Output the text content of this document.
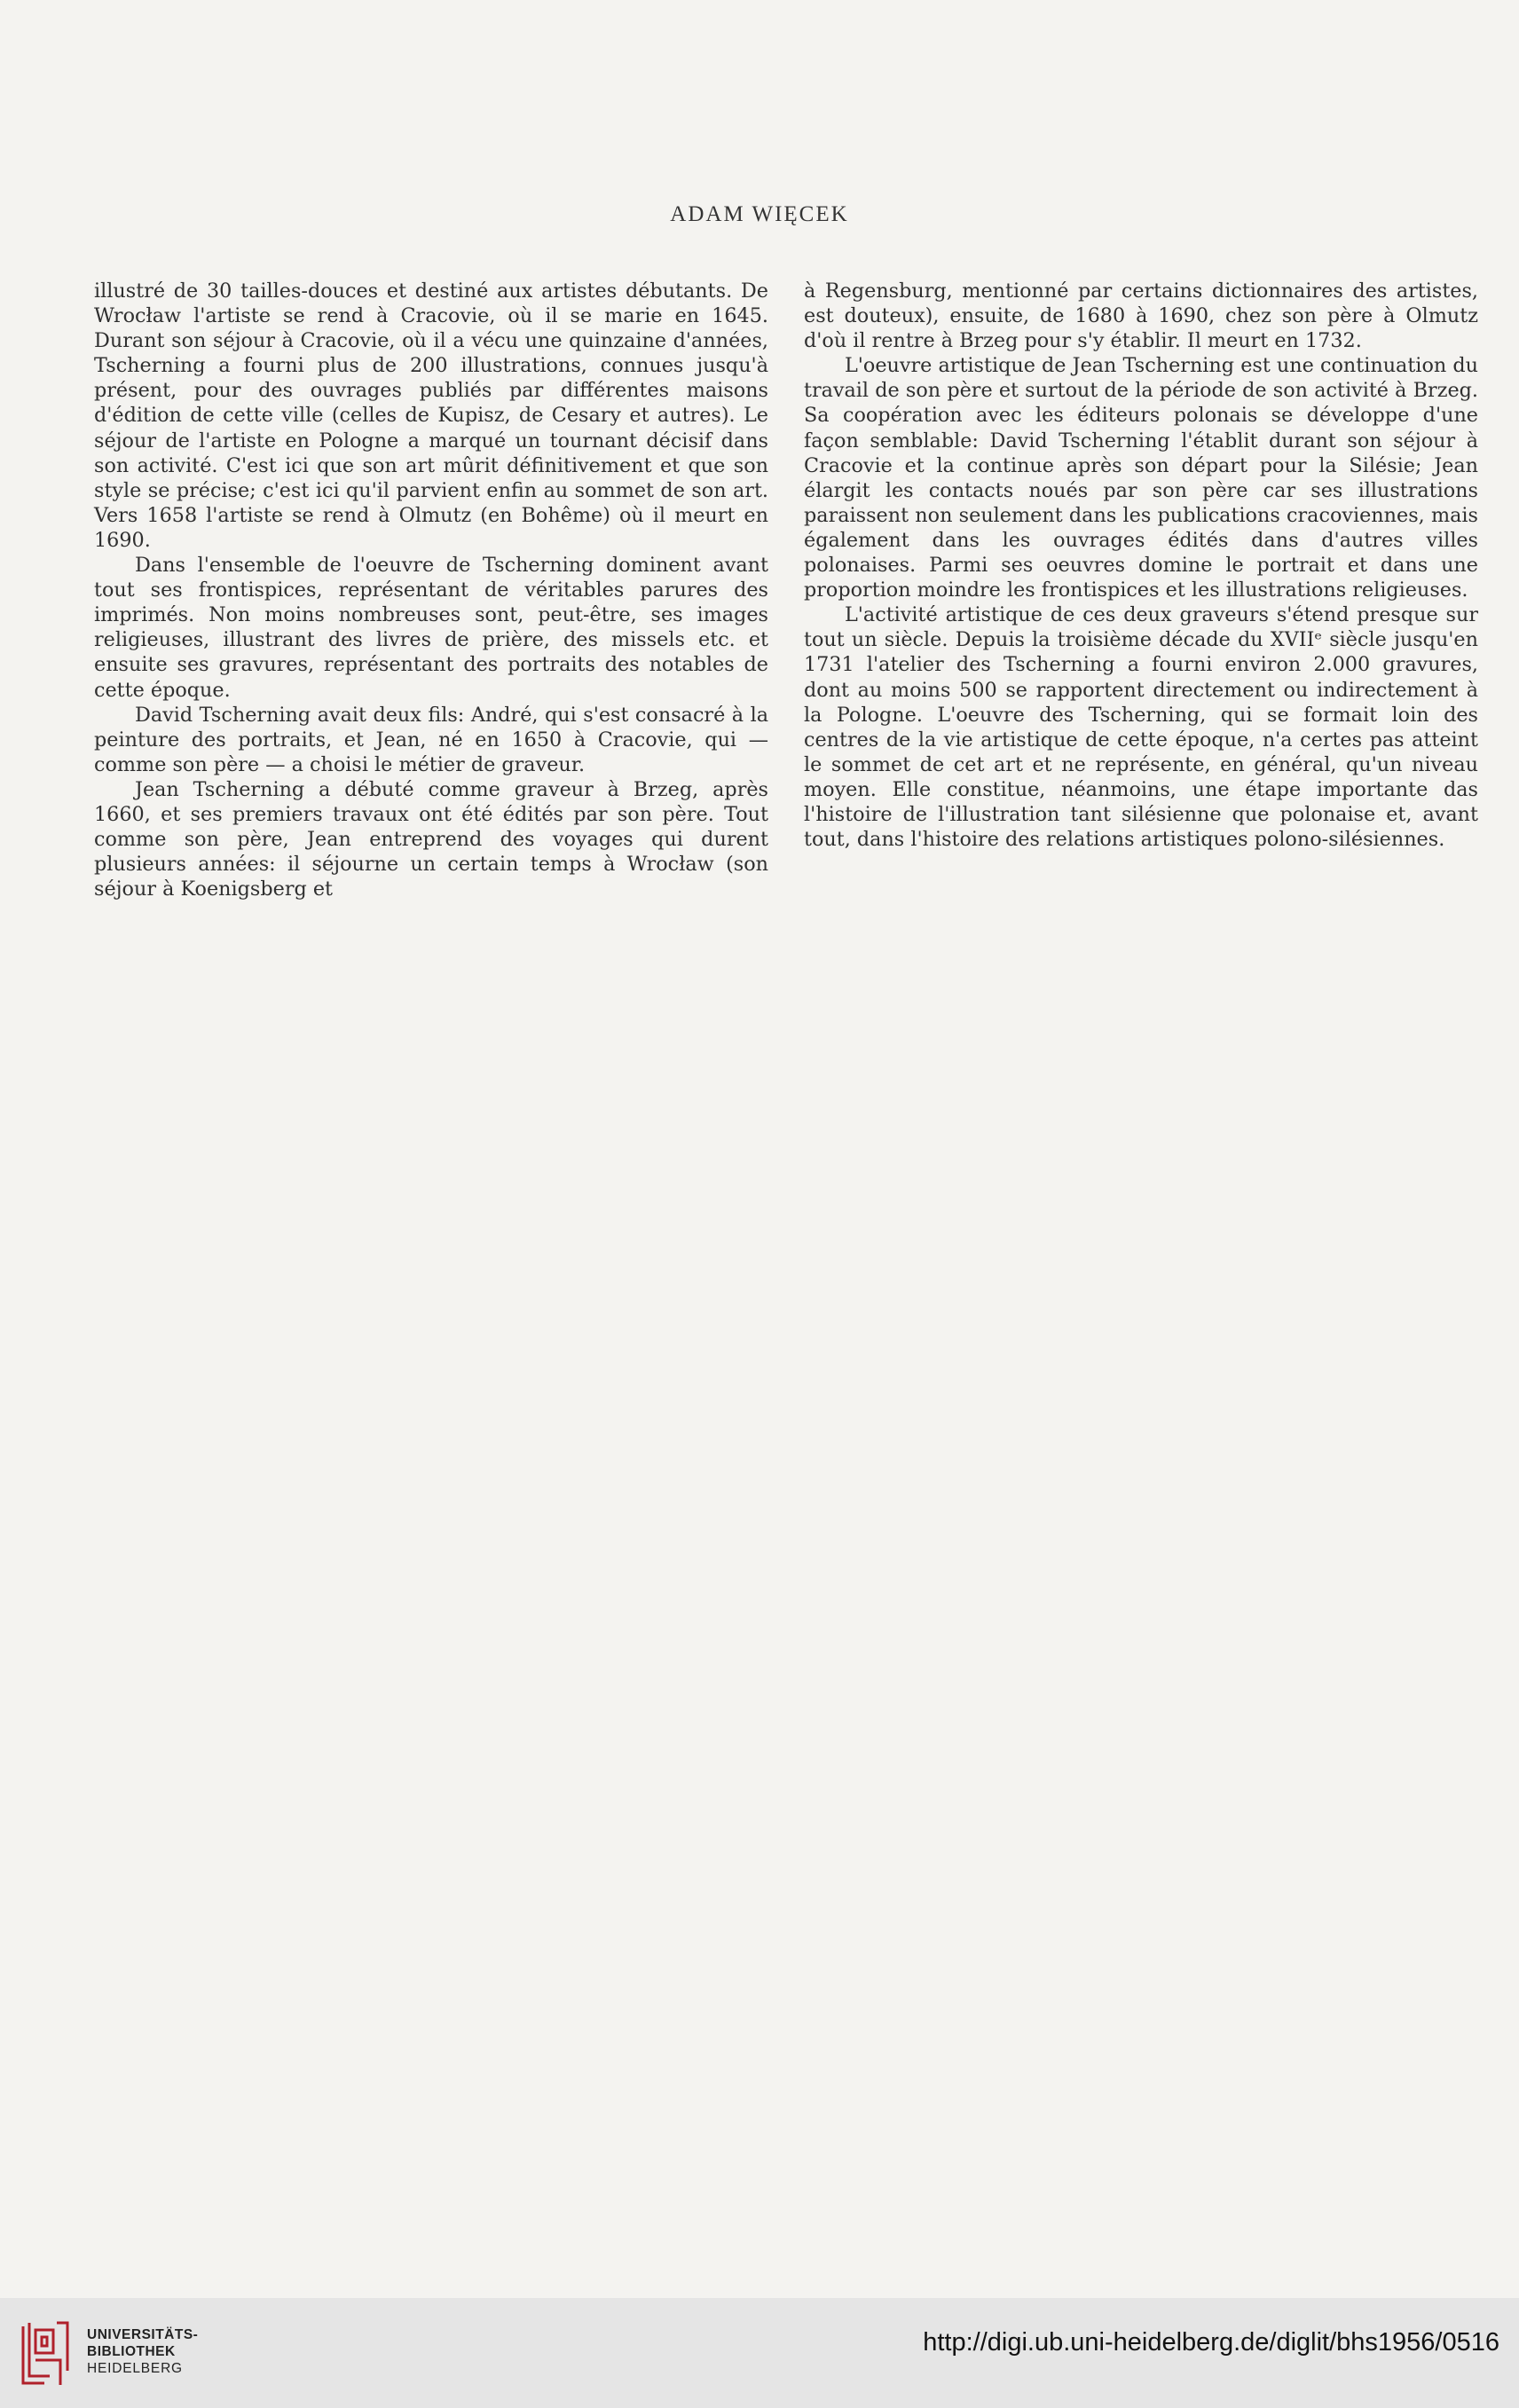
ADAM WIĘCEK

illustré de 30 tailles-douces et destiné aux artistes débutants. De Wrocław l'artiste se rend à Cracovie, où il se marie en 1645. Durant son séjour à Cracovie, où il a vécu une quinzaine d'années, Tscherning a fourni plus de 200 illustrations, connues jusqu'à présent, pour des ouvrages publiés par différentes maisons d'édition de cette ville (celles de Kupisz, de Cesary et autres). Le séjour de l'artiste en Pologne a marqué un tournant décisif dans son activité. C'est ici que son art mûrit définitivement et que son style se précise; c'est ici qu'il parvient enfin au sommet de son art. Vers 1658 l'artiste se rend à Olmutz (en Bohême) où il meurt en 1690.

Dans l'ensemble de l'oeuvre de Tscherning dominent avant tout ses frontispices, représentant de véritables parures des imprimés. Non moins nombreuses sont, peut-être, ses images religieuses, illustrant des livres de prière, des missels etc. et ensuite ses gravures, représentant des portraits des notables de cette époque.

David Tscherning avait deux fils: André, qui s'est consacré à la peinture des portraits, et Jean, né en 1650 à Cracovie, qui — comme son père — a choisi le métier de graveur.

Jean Tscherning a débuté comme graveur à Brzeg, après 1660, et ses premiers travaux ont été édités par son père. Tout comme son père, Jean entreprend des voyages qui durent plusieurs années: il séjourne un certain temps à Wrocław (son séjour à Koenigsberg et

à Regensburg, mentionné par certains dictionnaires des artistes, est douteux), ensuite, de 1680 à 1690, chez son père à Olmutz d'où il rentre à Brzeg pour s'y établir. Il meurt en 1732.

L'oeuvre artistique de Jean Tscherning est une continuation du travail de son père et surtout de la période de son activité à Brzeg. Sa coopération avec les éditeurs polonais se développe d'une façon semblable: David Tscherning l'établit durant son séjour à Cracovie et la continue après son départ pour la Silésie; Jean élargit les contacts noués par son père car ses illustrations paraissent non seulement dans les publications cracoviennes, mais également dans les ouvrages édités dans d'autres villes polonaises. Parmi ses oeuvres domine le portrait et dans une proportion moindre les frontispices et les illustrations religieuses.

L'activité artistique de ces deux graveurs s'étend presque sur tout un siècle. Depuis la troisième décade du XVIIᵉ siècle jusqu'en 1731 l'atelier des Tscherning a fourni environ 2.000 gravures, dont au moins 500 se rapportent directement ou indirectement à la Pologne. L'oeuvre des Tscherning, qui se formait loin des centres de la vie artistique de cette époque, n'a certes pas atteint le sommet de cet art et ne représente, en général, qu'un niveau moyen. Elle constitue, néanmoins, une étape importante das l'histoire de l'illustration tant silésienne que polonaise et, avant tout, dans l'histoire des relations artistiques polono-silésiennes.

UNIVERSITÄTS-
BIBLIOTHEK
HEIDELBERG
http://digi.ub.uni-heidelberg.de/diglit/bhs1956/0516
